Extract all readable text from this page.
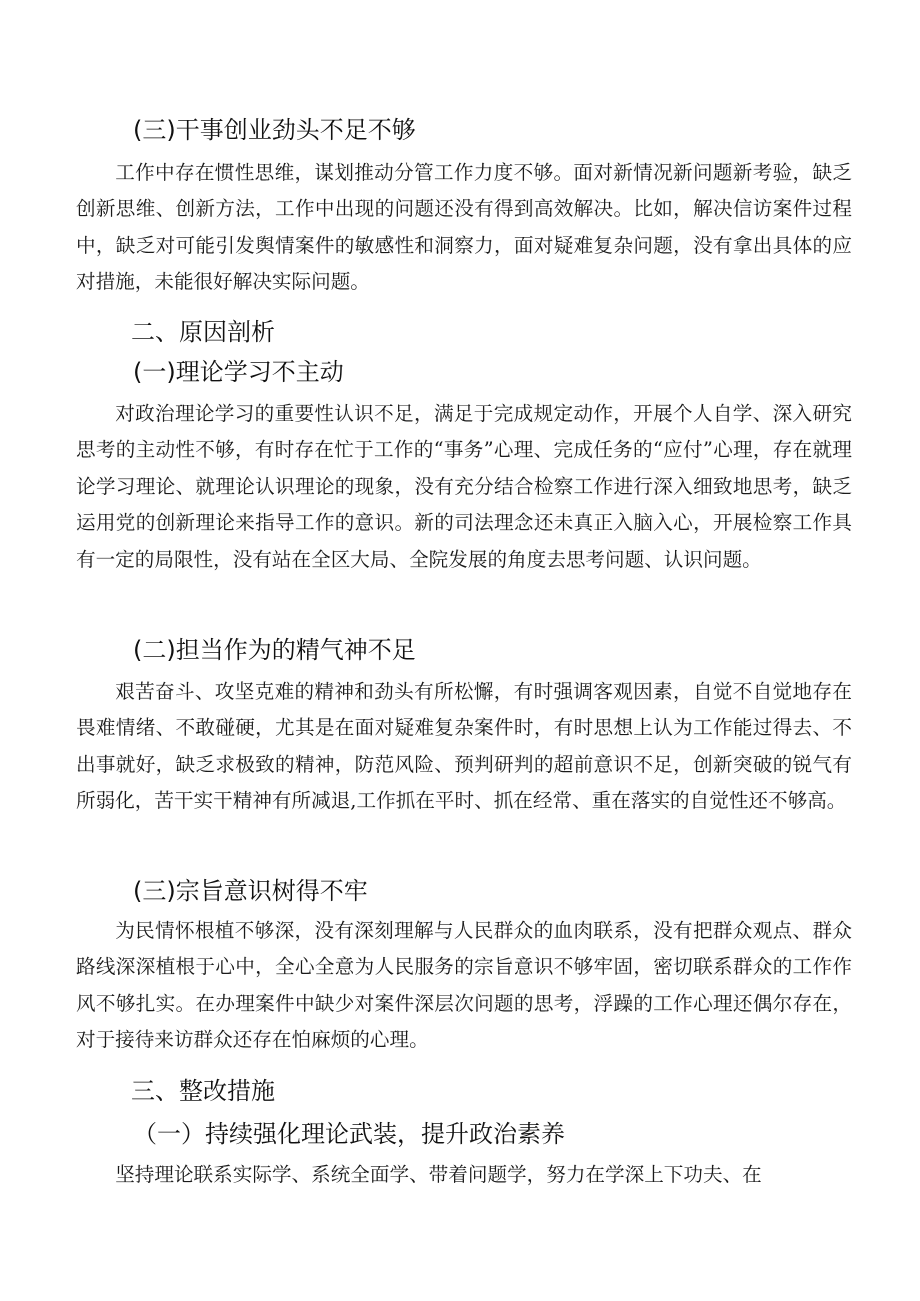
(三)干事创业劲头不足不够

工作中存在惯性思维，谋划推动分管工作力度不够。面对新情况新问题新考验，缺乏创新思维、创新方法，工作中出现的问题还没有得到高效解决。比如，解决信访案件过程中，缺乏对可能引发舆情案件的敏感性和洞察力，面对疑难复杂问题，没有拿出具体的应对措施，未能很好解决实际问题。

二、原因剖析
(一)理论学习不主动

对政治理论学习的重要性认识不足，满足于完成规定动作，开展个人自学、深入研究思考的主动性不够，有时存在忙于工作的“事务”心理、完成任务的“应付”心理，存在就理论学习理论、就理论认识理论的现象，没有充分结合检察工作进行深入细致地思考，缺乏运用党的创新理论来指导工作的意识。新的司法理念还未真正入脑入心，开展检察工作具有一定的局限性，没有站在全区大局、全院发展的角度去思考问题、认识问题。

(二)担当作为的精气神不足

艰苦奋斗、攻坚克难的精神和劲头有所松懈，有时强调客观因素，自觉不自觉地存在畏难情绪、不敢碰硬，尤其是在面对疑难复杂案件时，有时思想上认为工作能过得去、不出事就好，缺乏求极致的精神，防范风险、预判研判的超前意识不足，创新突破的锐气有所弱化，苦干实干精神有所减退,工作抓在平时、抓在经常、重在落实的自觉性还不够高。

(三)宗旨意识树得不牢

为民情怀根植不够深，没有深刻理解与人民群众的血肉联系，没有把群众观点、群众路线深深植根于心中，全心全意为人民服务的宗旨意识不够牢固，密切联系群众的工作作风不够扎实。在办理案件中缺少对案件深层次问题的思考，浮躁的工作心理还偶尔存在，对于接待来访群众还存在怕麻烦的心理。

三、整改措施
（一）持续强化理论武装，提升政治素养

坚持理论联系实际学、系统全面学、带着问题学，努力在学深上下功夫、在
